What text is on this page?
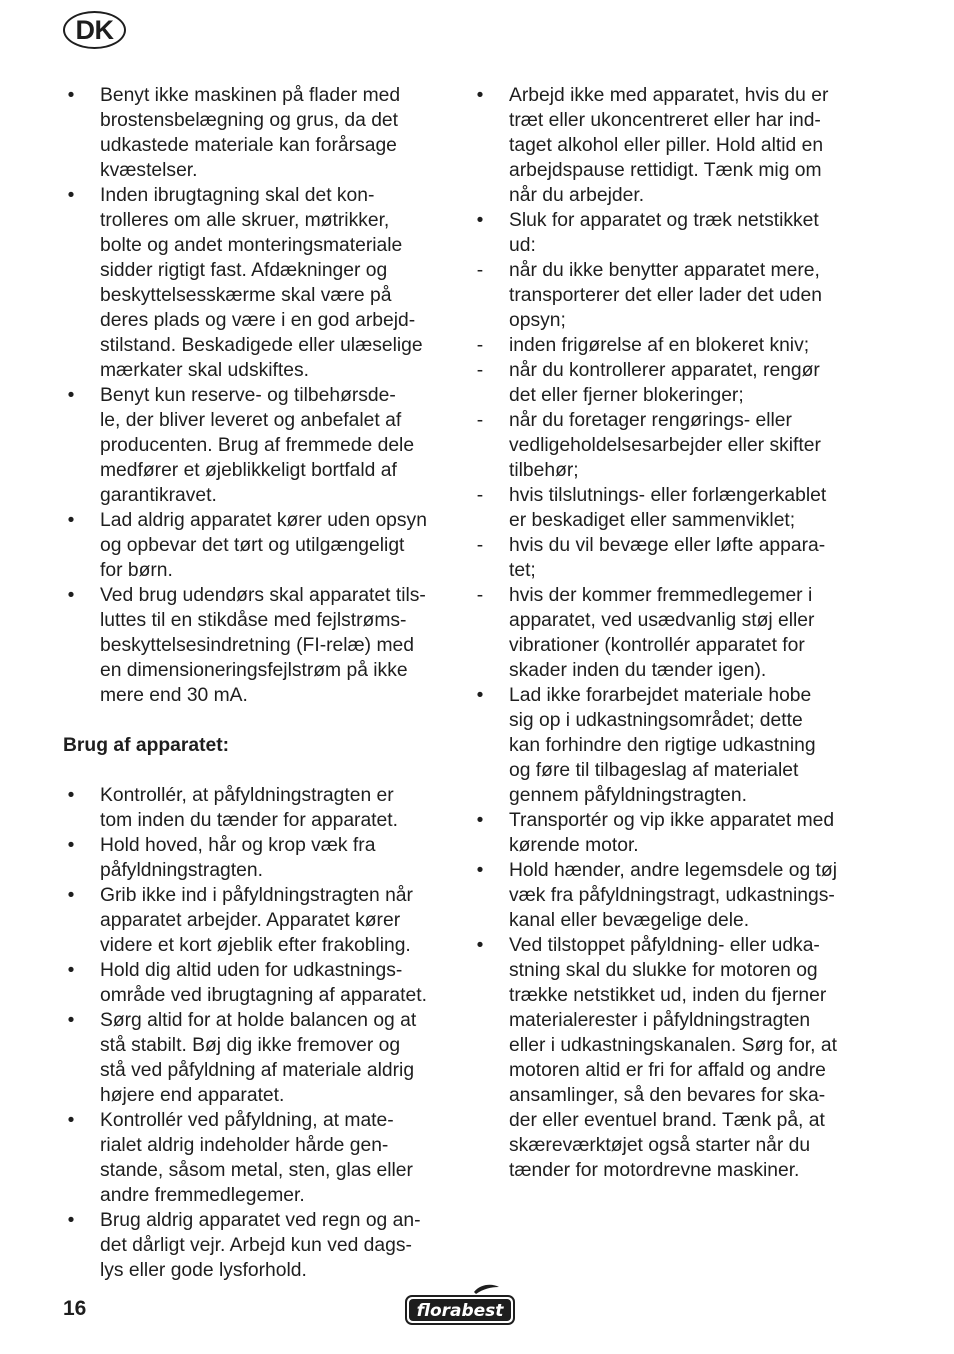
DK
• Benyt ikke maskinen på flader med
brostensbelægning og grus, da det
udkastede materiale kan forårsage
kvæstelser.
• Inden ibrugtagning skal det kon-
trolleres om alle skruer, møtrikker,
bolte og andet monteringsmateriale
sidder rigtigt fast. Afdækninger og
beskyttelsesskærme skal være på
deres plads og være i en god arbejd-
stilstand. Beskadigede eller ulæselige
mærkater skal udskiftes.
• Benyt kun reserve- og tilbehørsde-
le, der bliver leveret og anbefalet af
producenten. Brug af fremmede dele
medfører et øjeblikkeligt bortfald af
garantikravet.
• Lad aldrig apparatet kører uden opsyn
og opbevar det tørt og utilgængeligt
for børn.
• Ved brug udendørs skal apparatet tils-
luttes til en stikdåse med fejlstrøms-
beskyttelsesindretning (FI-relæ) med
en dimensioneringsfejlstrøm på ikke
mere end 30 mA.
Brug af apparatet:
• Kontrollér, at påfyldningstragten er
tom inden du tænder for apparatet.
• Hold hoved, hår og krop væk fra
påfyldningstragten.
• Grib ikke ind i påfyldningstragten når
apparatet arbejder. Apparatet kører
videre et kort øjeblik efter frakobling.
• Hold dig altid uden for udkastnings-
område ved ibrugtagning af apparatet.
• Sørg altid for at holde balancen og at
stå stabilt. Bøj dig ikke fremover og
stå ved påfyldning af materiale aldrig
højere end apparatet.
• Kontrollér ved påfyldning, at mate-
rialet aldrig indeholder hårde gen-
stande, såsom metal, sten, glas eller
andre fremmedlegemer.
• Brug aldrig apparatet ved regn og an-
det dårligt vejr. Arbejd kun ved dags-
lys eller gode lysforhold.
• Arbejd ikke med apparatet, hvis du er
træt eller ukoncentreret eller har ind-
taget alkohol eller piller. Hold altid en
arbejdspause rettidigt. Tænk mig om
når du arbejder.
• Sluk for apparatet og træk netstikket
ud:
- når du ikke benytter apparatet mere,
transporterer det eller lader det uden
opsyn;
- inden frigørelse af en blokeret kniv;
- når du kontrollerer apparatet, rengør
det eller fjerner blokeringer;
- når du foretager rengørings- eller
vedligeholdelsesarbejder eller skifter
tilbehør;
- hvis tilslutnings- eller forlængerkablet
er beskadiget eller sammenviklet;
- hvis du vil bevæge eller løfte appara-
tet;
- hvis der kommer fremmedlegemer i
apparatet, ved usædvanlig støj eller
vibrationer (kontrollér apparatet for
skader inden du tænder igen).
• Lad ikke forarbejdet materiale hobe
sig op i udkastningsområdet; dette
kan forhindre den rigtige udkastning
og føre til tilbageslag af materialet
gennem påfyldningstragten.
• Transportér og vip ikke apparatet med
kørende motor.
• Hold hænder, andre legemsdele og tøj
væk fra påfyldningstragt, udkastnings-
kanal eller bevægelige dele.
• Ved tilstoppet påfyldning- eller udka-
stning skal du slukke for motoren og
trække netstikket ud, inden du fjerner
materialerester i påfyldningstragten
eller i udkastningskanalen. Sørg for, at
motoren altid er fri for affald og andre
ansamlinger, så den bevares for ska-
der eller eventuel brand. Tænk på, at
skæreværktøjet også starter når du
tænder for motordrevne maskiner.
16	florabest
